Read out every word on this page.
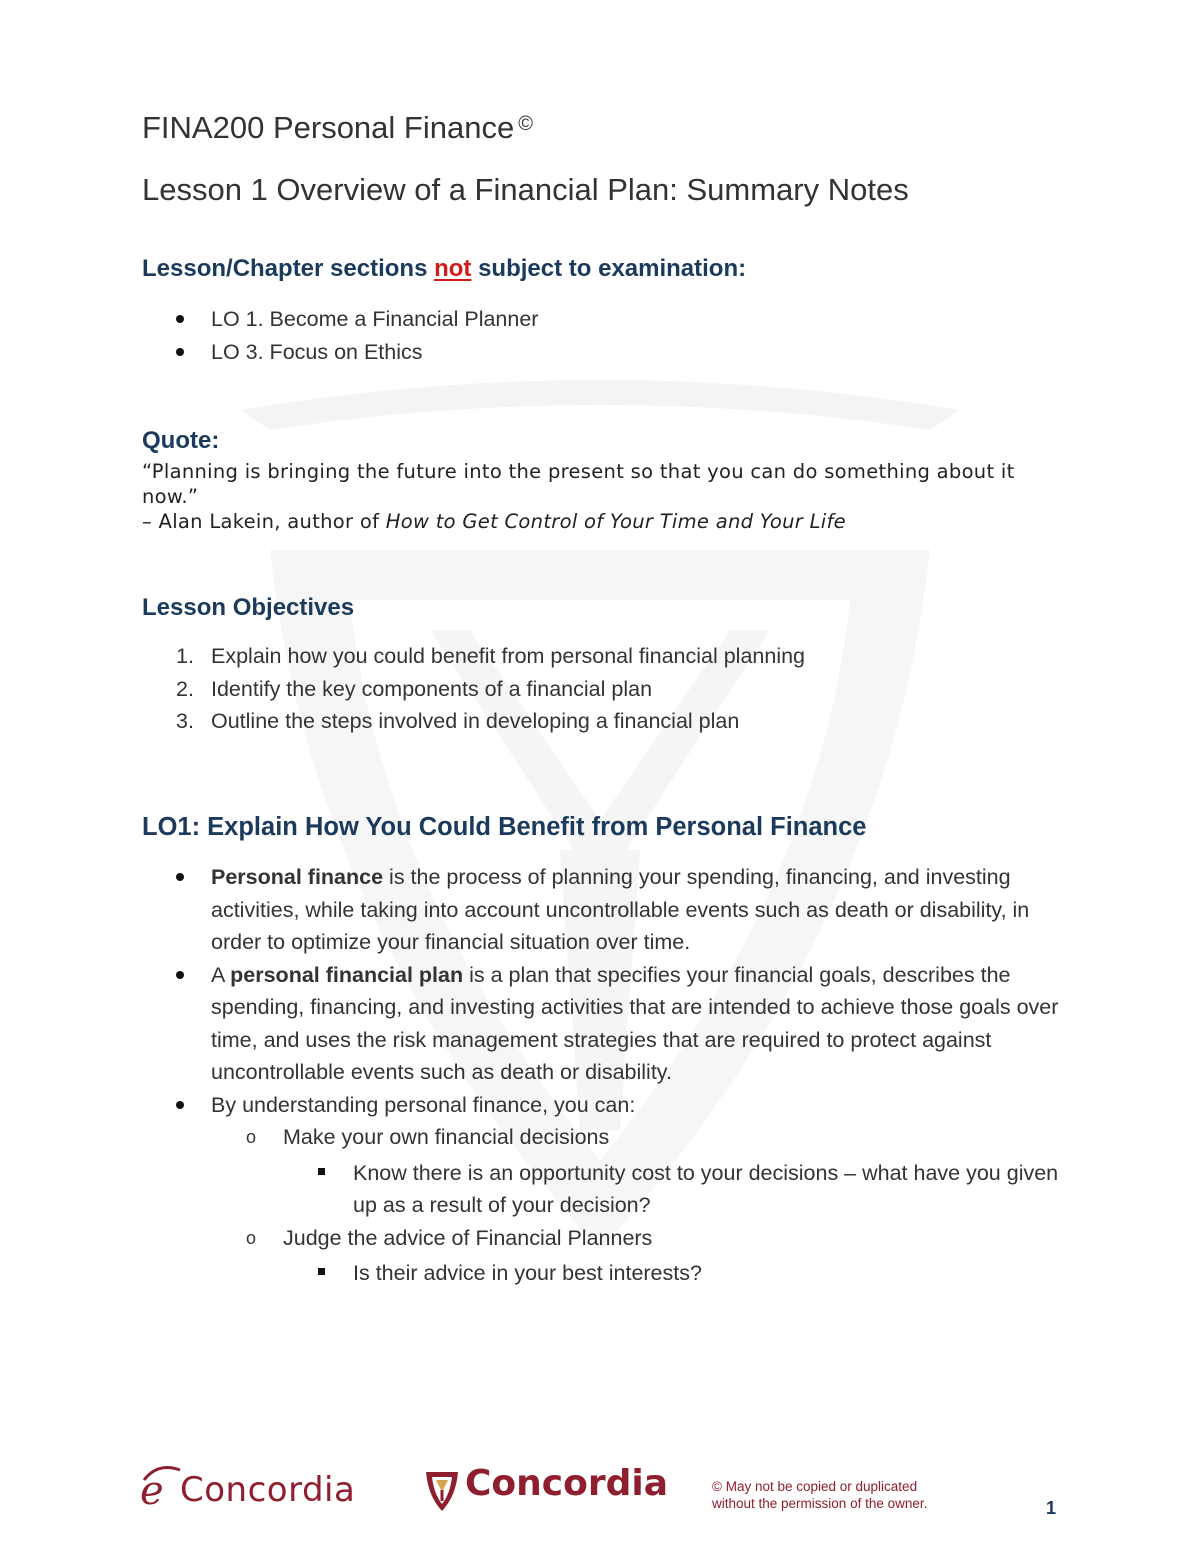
FINA200 Personal Finance ©
Lesson 1 Overview of a Financial Plan: Summary Notes
Lesson/Chapter sections not subject to examination:
LO 1. Become a Financial Planner
LO 3. Focus on Ethics
Quote:
“Planning is bringing the future into the present so that you can do something about it now.”
– Alan Lakein, author of How to Get Control of Your Time and Your Life
Lesson Objectives
1. Explain how you could benefit from personal financial planning
2. Identify the key components of a financial plan
3. Outline the steps involved in developing a financial plan
LO1: Explain How You Could Benefit from Personal Finance
Personal finance is the process of planning your spending, financing, and investing activities, while taking into account uncontrollable events such as death or disability, in order to optimize your financial situation over time.
A personal financial plan is a plan that specifies your financial goals, describes the spending, financing, and investing activities that are intended to achieve those goals over time, and uses the risk management strategies that are required to protect against uncontrollable events such as death or disability.
By understanding personal finance, you can:
o Make your own financial decisions
Know there is an opportunity cost to your decisions – what have you given up as a result of your decision?
o Judge the advice of Financial Planners
Is their advice in your best interests?
e Concordia	Concordia	© May not be copied or duplicated
without the permission of the owner.	1
